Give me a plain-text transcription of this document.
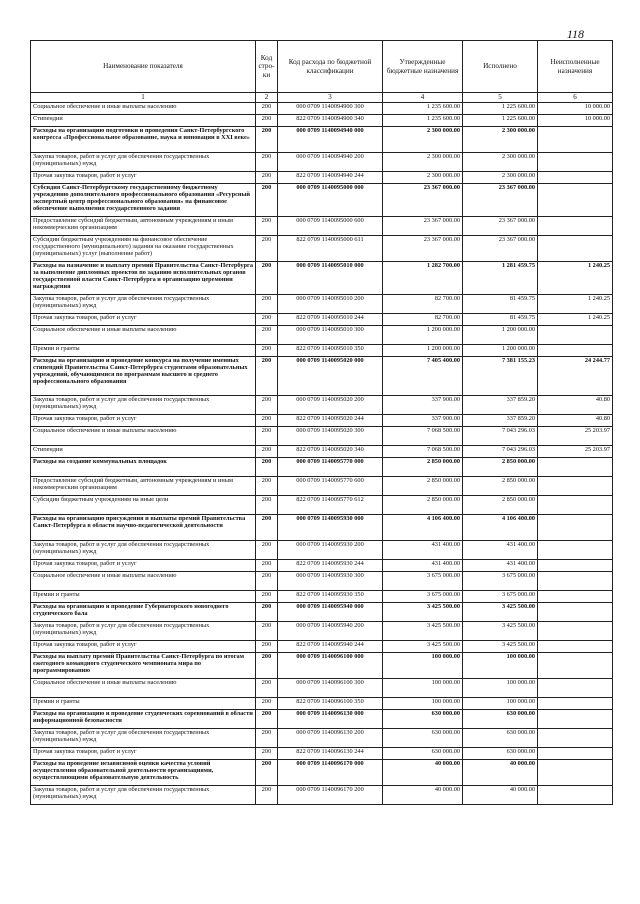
118
Наименование показателя	Код стро-ки	Код расхода по бюджетной классификации	Утвержденные бюджетные назначения	Исполнено	Неисполненные назначения
1	2	3	4	5	6
Социальное обеспечение и иные выплаты населению	200	000 0709 1140094900 300	1 235 600.00	1 225 600.00	10 000.00
Стипендии	200	822 0709 1140094900 340	1 235 600.00	1 225 600.00	10 000.00
Расходы на организацию подготовки и проведения Санкт-Петербургского конгресса «Профессиональное образование, наука и инновации в XXI веке»	200	000 0709 1140094940 000	2 300 000.00	2 300 000.00	
Закупка товаров, работ и услуг для обеспечения государственных (муниципальных) нужд	200	000 0709 1140094940 200	2 300 000.00	2 300 000.00	
Прочая закупка товаров, работ и услуг	200	822 0709 1140094940 244	2 300 000.00	2 300 000.00	
Субсидия Санкт-Петербургскому государственному бюджетному учреждению дополнительного профессионального образования «Ресурсный экспертный центр профессионального образования» на финансовое обеспечение выполнения государственного задания	200	000 0709 1140095000 000	23 367 000.00	23 367 000.00	
Предоставление субсидий бюджетным, автономным учреждениям и иным некоммерческим организациям	200	000 0709 1140095000 600	23 367 000.00	23 367 000.00	
Субсидии бюджетным учреждениям на финансовое обеспечение государственного (муниципального) задания на оказание государственных (муниципальных) услуг (выполнение работ)	200	822 0709 1140095000 611	23 367 000.00	23 367 000.00	
Расходы на назначение и выплату премий Правительства Санкт-Петербурга за выполнение дипломных проектов по заданию исполнительных органов государственной власти Санкт-Петербурга и организацию церемонии награждения	200	000 0709 1140095010 000	1 282 700.00	1 281 459.75	1 240.25
Закупка товаров, работ и услуг для обеспечения государственных (муниципальных) нужд	200	000 0709 1140095010 200	82 700.00	81 459.75	1 240.25
Прочая закупка товаров, работ и услуг	200	822 0709 1140095010 244	82 700.00	81 459.75	1 240.25
Социальное обеспечение и иные выплаты населению	200	000 0709 1140095010 300	1 200 000.00	1 200 000.00	
Премии и гранты	200	822 0709 1140095010 350	1 200 000.00	1 200 000.00	
Расходы на организацию и проведение конкурса на получение именных стипендий Правительства Санкт-Петербурга студентами образовательных учреждений, обучающимися по программам высшего и среднего профессионального образования	200	000 0709 1140095020 000	7 405 400.00	7 381 155.23	24 244.77
Закупка товаров, работ и услуг для обеспечения государственных (муниципальных) нужд	200	000 0709 1140095020 200	337 900.00	337 859.20	40.80
Прочая закупка товаров, работ и услуг	200	822 0709 1140095020 244	337 900.00	337 859.20	40.80
Социальное обеспечение и иные выплаты населению	200	000 0709 1140095020 300	7 068 500.00	7 043 296.03	25 203.97
Стипендии	200	822 0709 1140095020 340	7 068 500.00	7 043 296.03	25 203.97
Расходы на создание коммунальных площадок	200	000 0709 1140095770 000	2 850 000.00	2 850 000.00	
Предоставление субсидий бюджетным, автономным учреждениям и иным некоммерческим организациям	200	000 0709 1140095770 600	2 850 000.00	2 850 000.00	
Субсидии бюджетным учреждениям на иные цели	200	822 0709 1140095770 612	2 850 000.00	2 850 000.00	
Расходы на организацию присуждения и выплаты премий Правительства Санкт-Петербурга в области научно-педагогической деятельности	200	000 0709 1140095930 000	4 106 400.00	4 106 400.00	
Закупка товаров, работ и услуг для обеспечения государственных (муниципальных) нужд	200	000 0709 1140095930 200	431 400.00	431 400.00	
Прочая закупка товаров, работ и услуг	200	822 0709 1140095930 244	431 400.00	431 400.00	
Социальное обеспечение и иные выплаты населению	200	000 0709 1140095930 300	3 675 000.00	3 675 000.00	
Премии и гранты	200	822 0709 1140095930 350	3 675 000.00	3 675 000.00	
Расходы на организацию и проведение Губернаторского новогоднего студенческого бала	200	000 0709 1140095940 000	3 425 500.00	3 425 500.00	
Закупка товаров, работ и услуг для обеспечения государственных (муниципальных) нужд	200	000 0709 1140095940 200	3 425 500.00	3 425 500.00	
Прочая закупка товаров, работ и услуг	200	822 0709 1140095940 244	3 425 500.00	3 425 500.00	
Расходы на выплату премий Правительства Санкт-Петербурга по итогам ежегодного командного студенческого чемпионата мира по программированию	200	000 0709 1140096100 000	100 000.00	100 000.00	
Социальное обеспечение и иные выплаты населению	200	000 0709 1140096100 300	100 000.00	100 000.00	
Премии и гранты	200	822 0709 1140096100 350	100 000.00	100 000.00	
Расходы на организацию и проведение студенческих соревнований в области информационной безопасности	200	000 0709 1140096130 000	630 000.00	630 000.00	
Закупка товаров, работ и услуг для обеспечения государственных (муниципальных) нужд	200	000 0709 1140096130 200	630 000.00	630 000.00	
Прочая закупка товаров, работ и услуг	200	822 0709 1140096130 244	630 000.00	630 000.00	
Расходы на проведение независимой оценки качества условий осуществления образовательной деятельности организациями, осуществляющими образовательную деятельность	200	000 0709 1140096170 000	40 000.00	40 000.00	
Закупка товаров, работ и услуг для обеспечения государственных (муниципальных) нужд	200	000 0709 1140096170 200	40 000.00	40 000.00	
